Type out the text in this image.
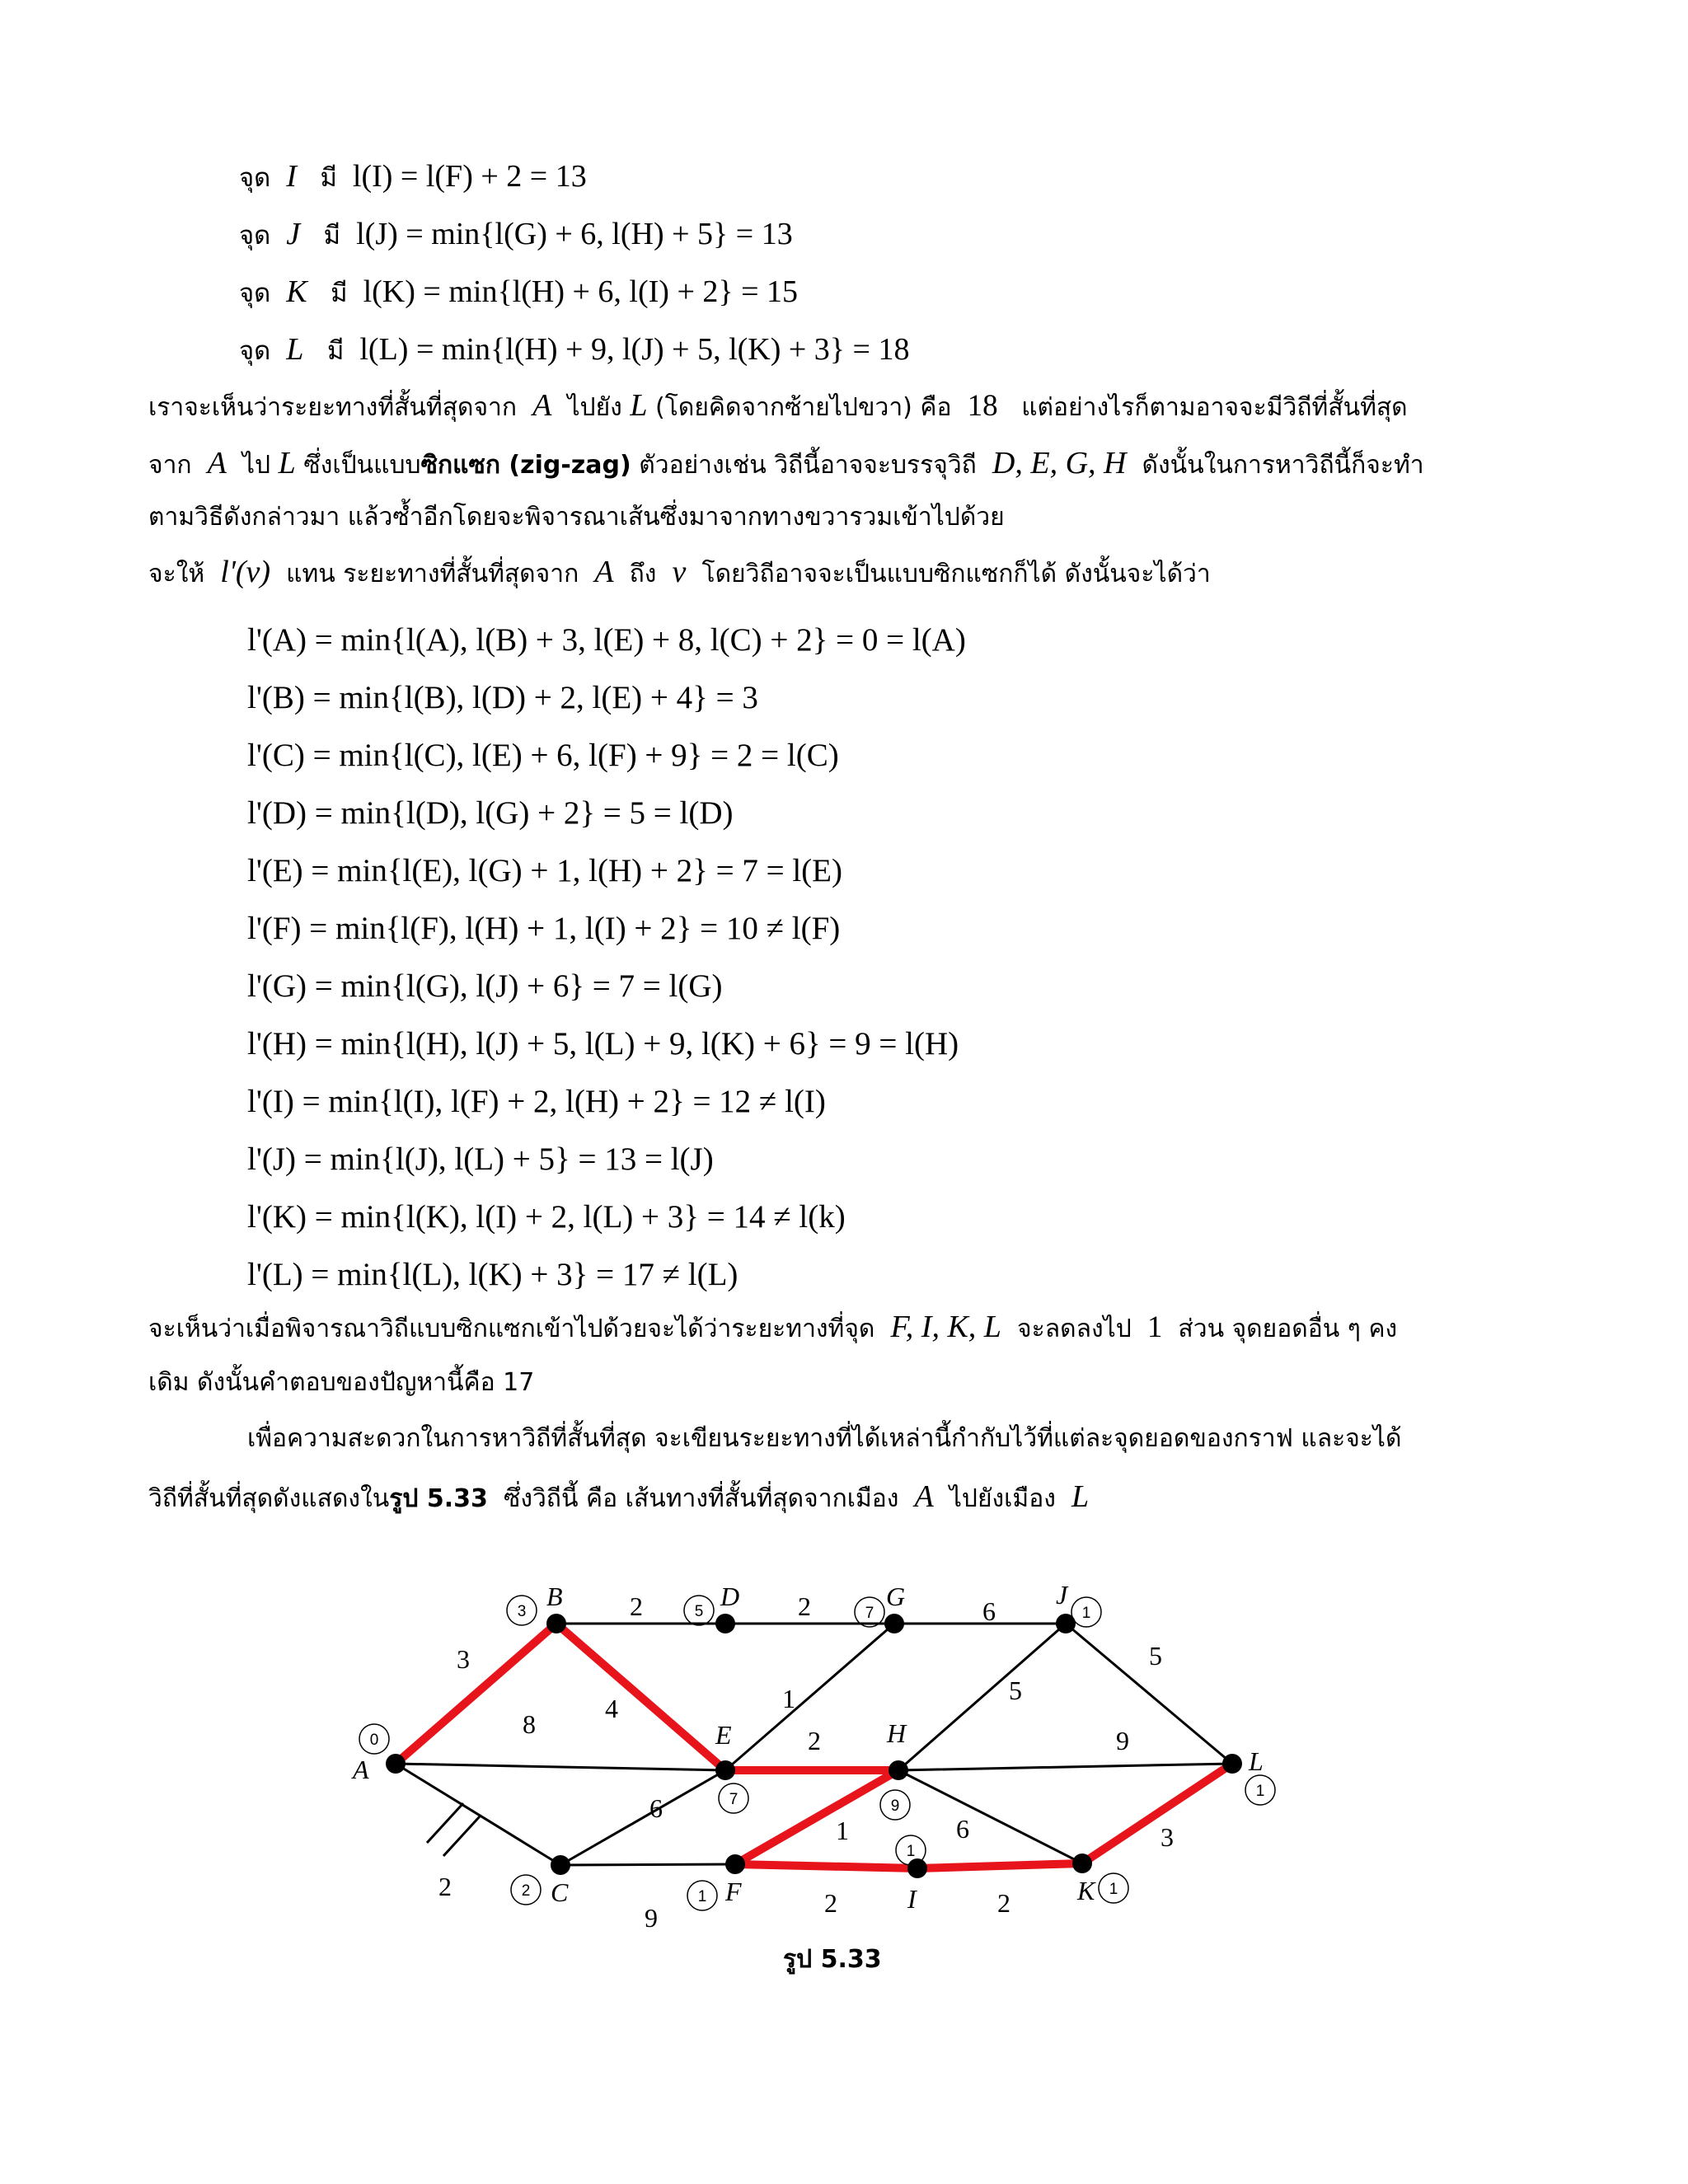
จุด I มี l(I) = l(F) + 2 = 13
จุด J มี l(J) = min{l(G) + 6, l(H) + 5} = 13
จุด K มี l(K) = min{l(H) + 6, l(I) + 2} = 15
จุด L มี l(L) = min{l(H) + 9, l(J) + 5, l(K) + 3} = 18
เราจะเห็นว่าระยะทางที่สั้นที่สุดจาก A ไปยัง L (โดยคิดจากซ้ายไปขวา) คือ 18 แต่อย่างไรก็ตามอาจจะมีวิถีที่สั้นที่สุด
จาก A ไป L ซึ่งเป็นแบบซิกแซก (zig-zag) ตัวอย่างเช่น วิถีนี้อาจจะบรรจุวิถี D, E, G, H ดังนั้นในการหาวิถีนี้ก็จะทำ
ตามวิธีดังกล่าวมา แล้วซ้ำอีกโดยจะพิจารณาเส้นซึ่งมาจากทางขวารวมเข้าไปด้วย
จะให้ l'(v) แทน ระยะทางที่สั้นที่สุดจาก A ถึง v โดยวิถีอาจจะเป็นแบบซิกแซกก็ได้ ดังนั้นจะได้ว่า
l'(A) = min{l(A), l(B) + 3, l(E) + 8, l(C) + 2} = 0 = l(A)
l'(B) = min{l(B), l(D) + 2, l(E) + 4} = 3
l'(C) = min{l(C), l(E) + 6, l(F) + 9} = 2 = l(C)
l'(D) = min{l(D), l(G) + 2} = 5 = l(D)
l'(E) = min{l(E), l(G) + 1, l(H) + 2} = 7 = l(E)
l'(F) = min{l(F), l(H) + 1, l(I) + 2} = 10 ≠ l(F)
l'(G) = min{l(G), l(J) + 6} = 7 = l(G)
l'(H) = min{l(H), l(J) + 5, l(L) + 9, l(K) + 6} = 9 = l(H)
l'(I) = min{l(I), l(F) + 2, l(H) + 2} = 12 ≠ l(I)
l'(J) = min{l(J), l(L) + 5} = 13 = l(J)
l'(K) = min{l(K), l(I) + 2, l(L) + 3} = 14 ≠ l(k)
l'(L) = min{l(L), l(K) + 3} = 17 ≠ l(L)
จะเห็นว่าเมื่อพิจารณาวิถีแบบซิกแซกเข้าไปด้วยจะได้ว่าระยะทางที่จุด F, I, K, L จะลดลงไป 1 ส่วน จุดยอดอื่น ๆ คง
เดิม ดังนั้นคำตอบของปัญหานี้คือ 17
เพื่อความสะดวกในการหาวิถีที่สั้นที่สุด จะเขียนระยะทางที่ได้เหล่านี้กำกับไว้ที่แต่ละจุดยอดของกราฟ และจะได้
วิถีที่สั้นที่สุดดังแสดงในรูป 5.33 ซึ่งวิถีนี้ คือ เส้นทางที่สั้นที่สุดจากเมือง A ไปยังเมือง L
3
8
2
2
4
2
1
6
2
6
9
5
9
1	6
2	2
5
3
A
0
B
3
C
2
D
5
E
7
F
1
G
7
H
9
I
1
J
1
K 1
L
1
รูป 5.33
